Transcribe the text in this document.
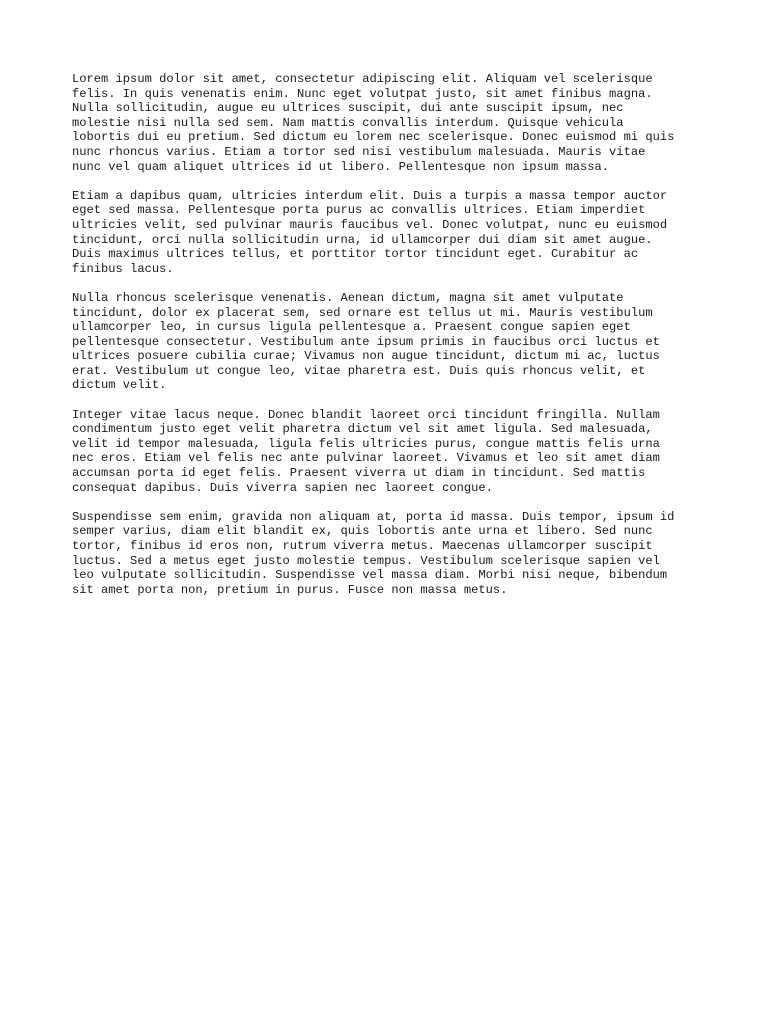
Lorem ipsum dolor sit amet, consectetur adipiscing elit. Aliquam vel scelerisque
felis. In quis venenatis enim. Nunc eget volutpat justo, sit amet finibus magna.
Nulla sollicitudin, augue eu ultrices suscipit, dui ante suscipit ipsum, nec
molestie nisi nulla sed sem. Nam mattis convallis interdum. Quisque vehicula
lobortis dui eu pretium. Sed dictum eu lorem nec scelerisque. Donec euismod mi quis
nunc rhoncus varius. Etiam a tortor sed nisi vestibulum malesuada. Mauris vitae
nunc vel quam aliquet ultrices id ut libero. Pellentesque non ipsum massa.

Etiam a dapibus quam, ultricies interdum elit. Duis a turpis a massa tempor auctor
eget sed massa. Pellentesque porta purus ac convallis ultrices. Etiam imperdiet
ultricies velit, sed pulvinar mauris faucibus vel. Donec volutpat, nunc eu euismod
tincidunt, orci nulla sollicitudin urna, id ullamcorper dui diam sit amet augue.
Duis maximus ultrices tellus, et porttitor tortor tincidunt eget. Curabitur ac
finibus lacus.

Nulla rhoncus scelerisque venenatis. Aenean dictum, magna sit amet vulputate
tincidunt, dolor ex placerat sem, sed ornare est tellus ut mi. Mauris vestibulum
ullamcorper leo, in cursus ligula pellentesque a. Praesent congue sapien eget
pellentesque consectetur. Vestibulum ante ipsum primis in faucibus orci luctus et
ultrices posuere cubilia curae; Vivamus non augue tincidunt, dictum mi ac, luctus
erat. Vestibulum ut congue leo, vitae pharetra est. Duis quis rhoncus velit, et
dictum velit.

Integer vitae lacus neque. Donec blandit laoreet orci tincidunt fringilla. Nullam
condimentum justo eget velit pharetra dictum vel sit amet ligula. Sed malesuada,
velit id tempor malesuada, ligula felis ultricies purus, congue mattis felis urna
nec eros. Etiam vel felis nec ante pulvinar laoreet. Vivamus et leo sit amet diam
accumsan porta id eget felis. Praesent viverra ut diam in tincidunt. Sed mattis
consequat dapibus. Duis viverra sapien nec laoreet congue.

Suspendisse sem enim, gravida non aliquam at, porta id massa. Duis tempor, ipsum id
semper varius, diam elit blandit ex, quis lobortis ante urna et libero. Sed nunc
tortor, finibus id eros non, rutrum viverra metus. Maecenas ullamcorper suscipit
luctus. Sed a metus eget justo molestie tempus. Vestibulum scelerisque sapien vel
leo vulputate sollicitudin. Suspendisse vel massa diam. Morbi nisi neque, bibendum
sit amet porta non, pretium in purus. Fusce non massa metus.
